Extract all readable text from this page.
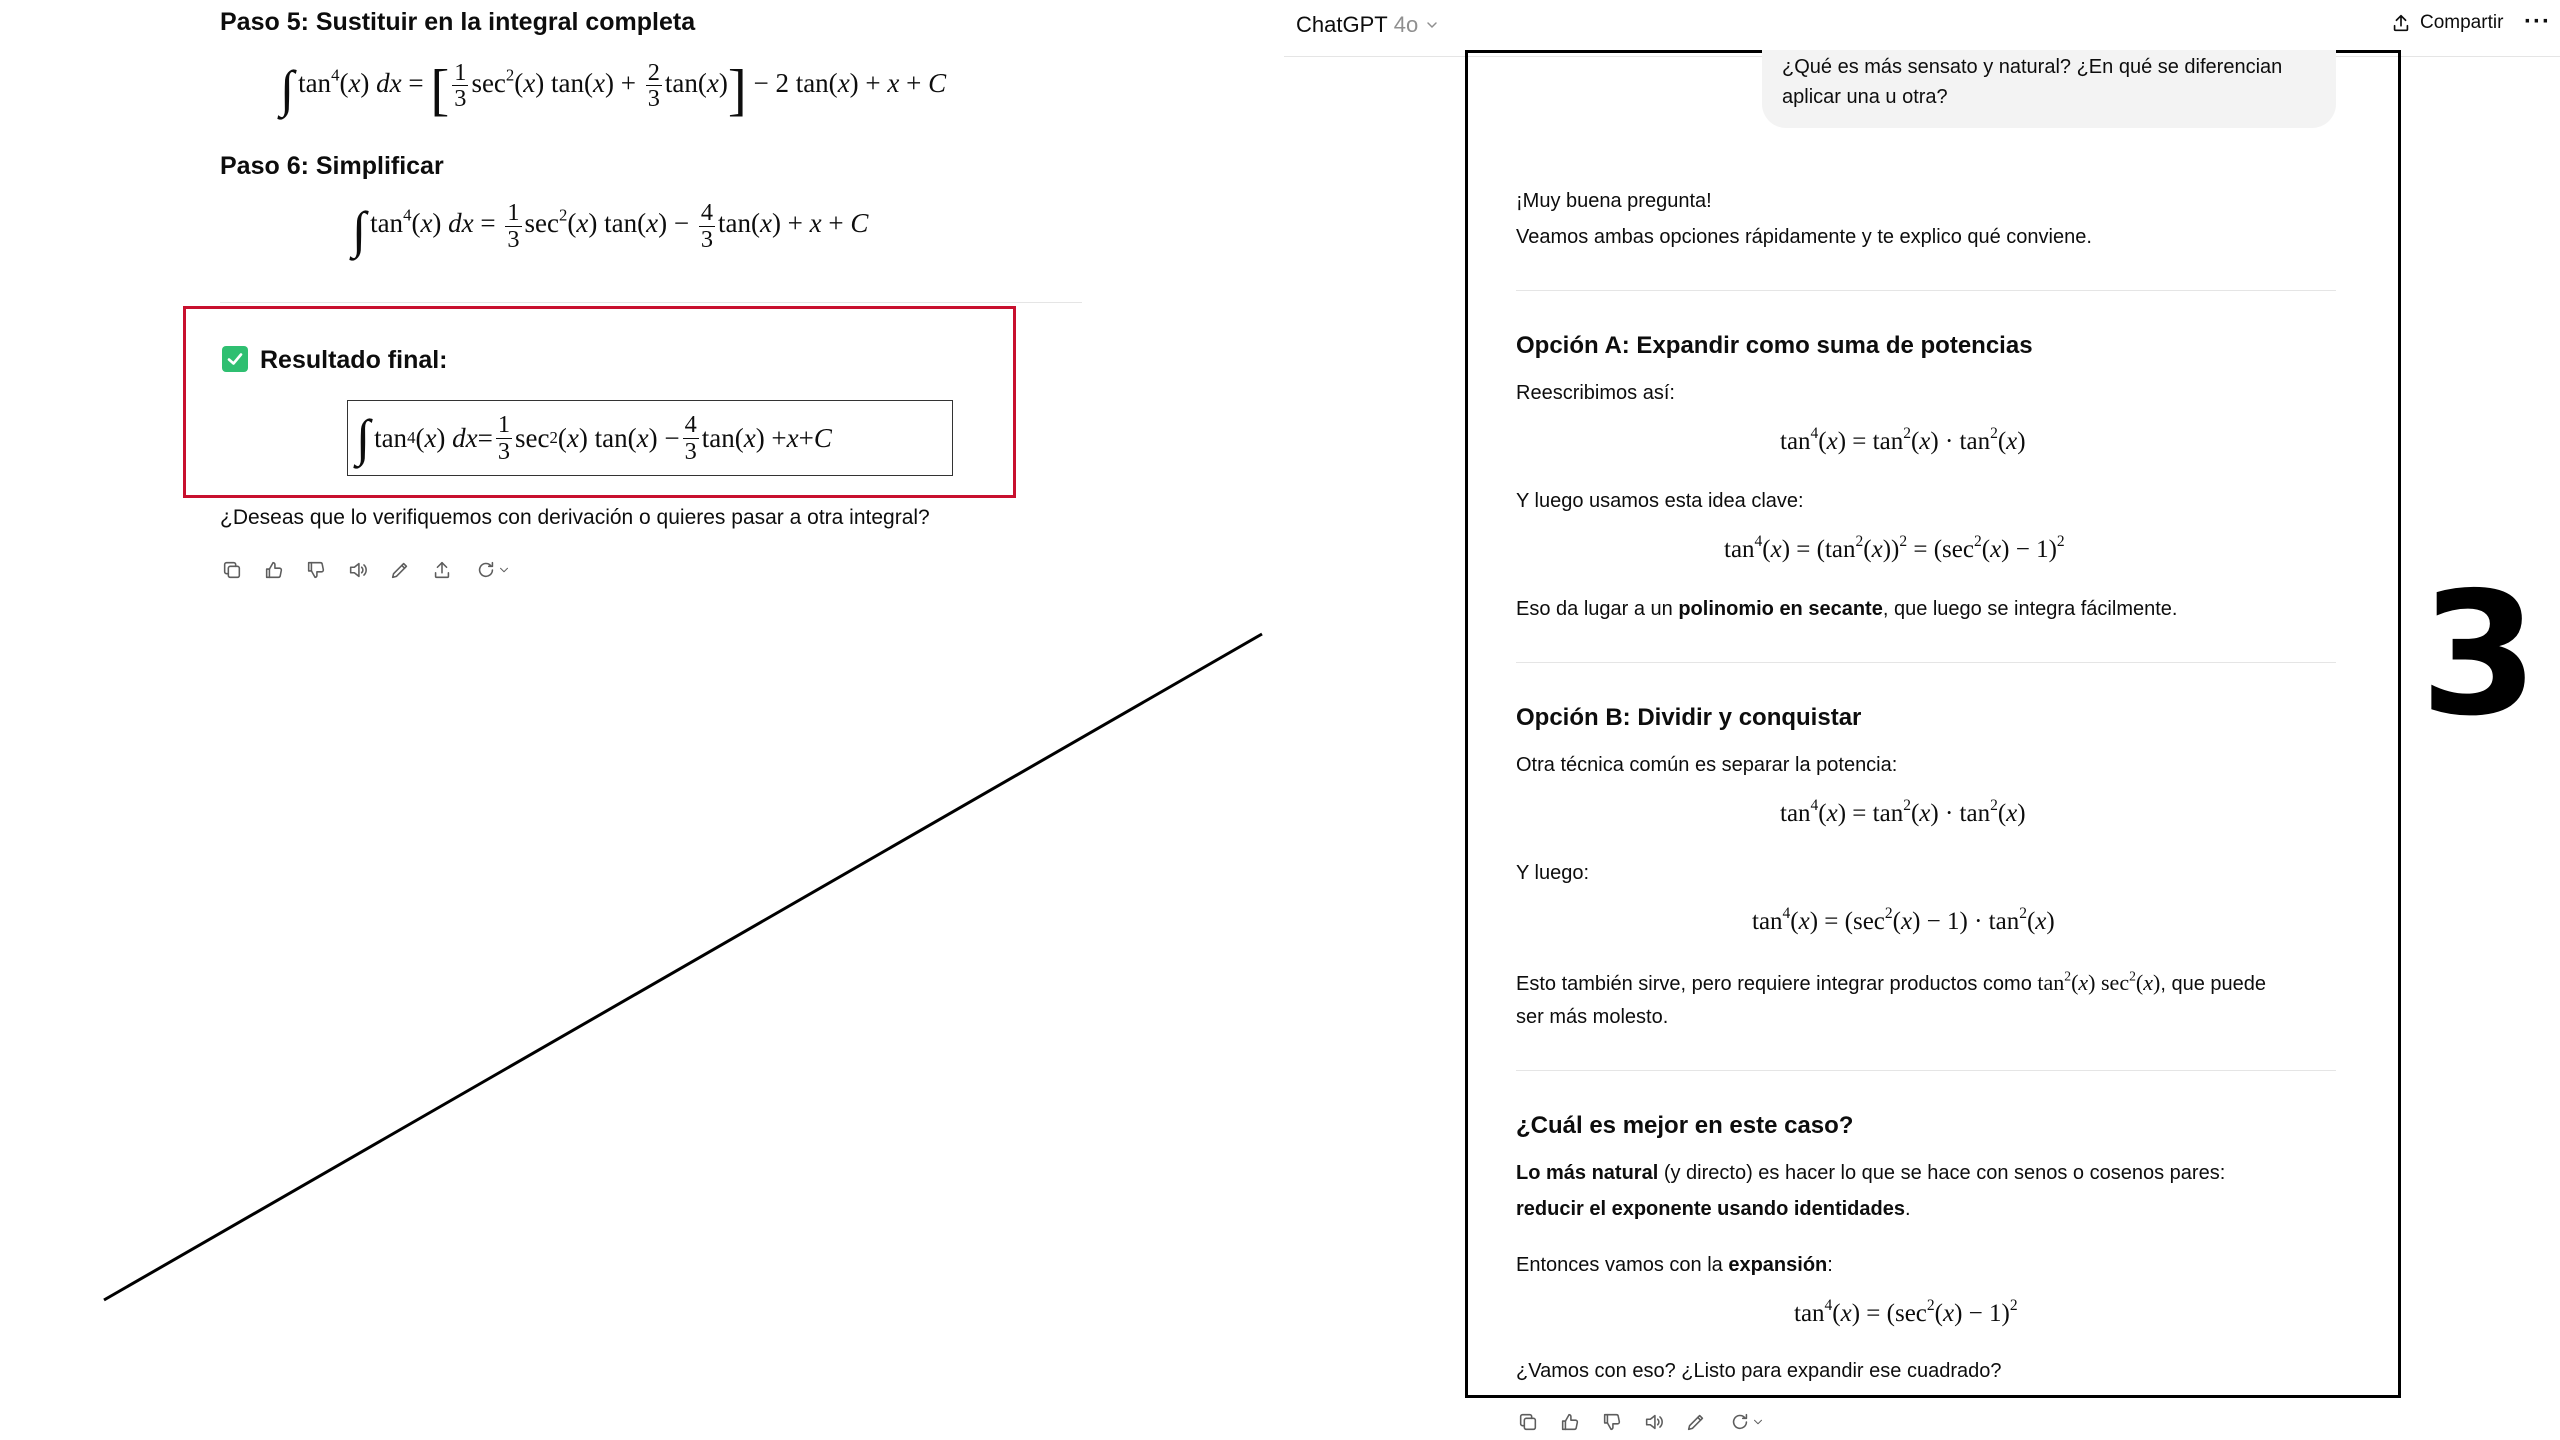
Paso 5: Sustituir en la integral completa
∫ $\tan^4(x)$ dx = [ $\frac{1}{3} \sec^2(x) \tan(x) + \frac{2}{3} \tan(x)] - 2$ tan(x) + x + C
Paso 6: Simplificar
∫ $\tan^4(x)$ dx = $\frac{1}{3} \sec^2(x) \tan(x) - \frac{4}{3} \tan(x) + x + C$
Resultado final:
∫ tan 4 ( x ) dx = $\frac{1}{3}$ sec 2 ( x ) tan( x ) − $\frac{4}{3} \tan$( x ) + x + C
¿Deseas que lo verifiquemos con derivación o quieres pasar a otra integral?
ChatGPT 4o	Compartir ···
¿Qué es más sensato y natural? ¿En qué se diferencian
aplicar una u otra?
¡Muy buena pregunta!
Veamos ambas opciones rápidamente y te explico qué conviene.
Opción A: Expandir como suma de potencias
Reescribimos así:
$\tan^4(x) = \tan^2(x) \cdot \tan^2(x)$
Y luego usamos esta idea clave:
$\tan^4(x) = (\tan^2(x))^2 = (\sec^2(x) - 1)^2$
Eso da lugar a un polinomio en secante, que luego se integra fácilmente.
Opción B: Dividir y conquistar
Otra técnica común es separar la potencia:
$\tan^4(x) = \tan^2(x) \cdot \tan^2(x)$
Y luego:
$\tan^4(x) = (\sec^2(x) - 1) \cdot \tan^2(x)$
Esto también sirve, pero requiere integrar productos como $\tan^2(x)$ $\sec^2(x)$, que puede
ser más molesto.
¿Cuál es mejor en este caso?
Lo más natural (y directo) es hacer lo que se hace con senos o cosenos pares:
reducir el exponente usando identidades.
Entonces vamos con la expansión:
$\tan^4(x) = (\sec^2(x) - 1)^2$
¿Vamos con eso? ¿Listo para expandir ese cuadrado?
3
